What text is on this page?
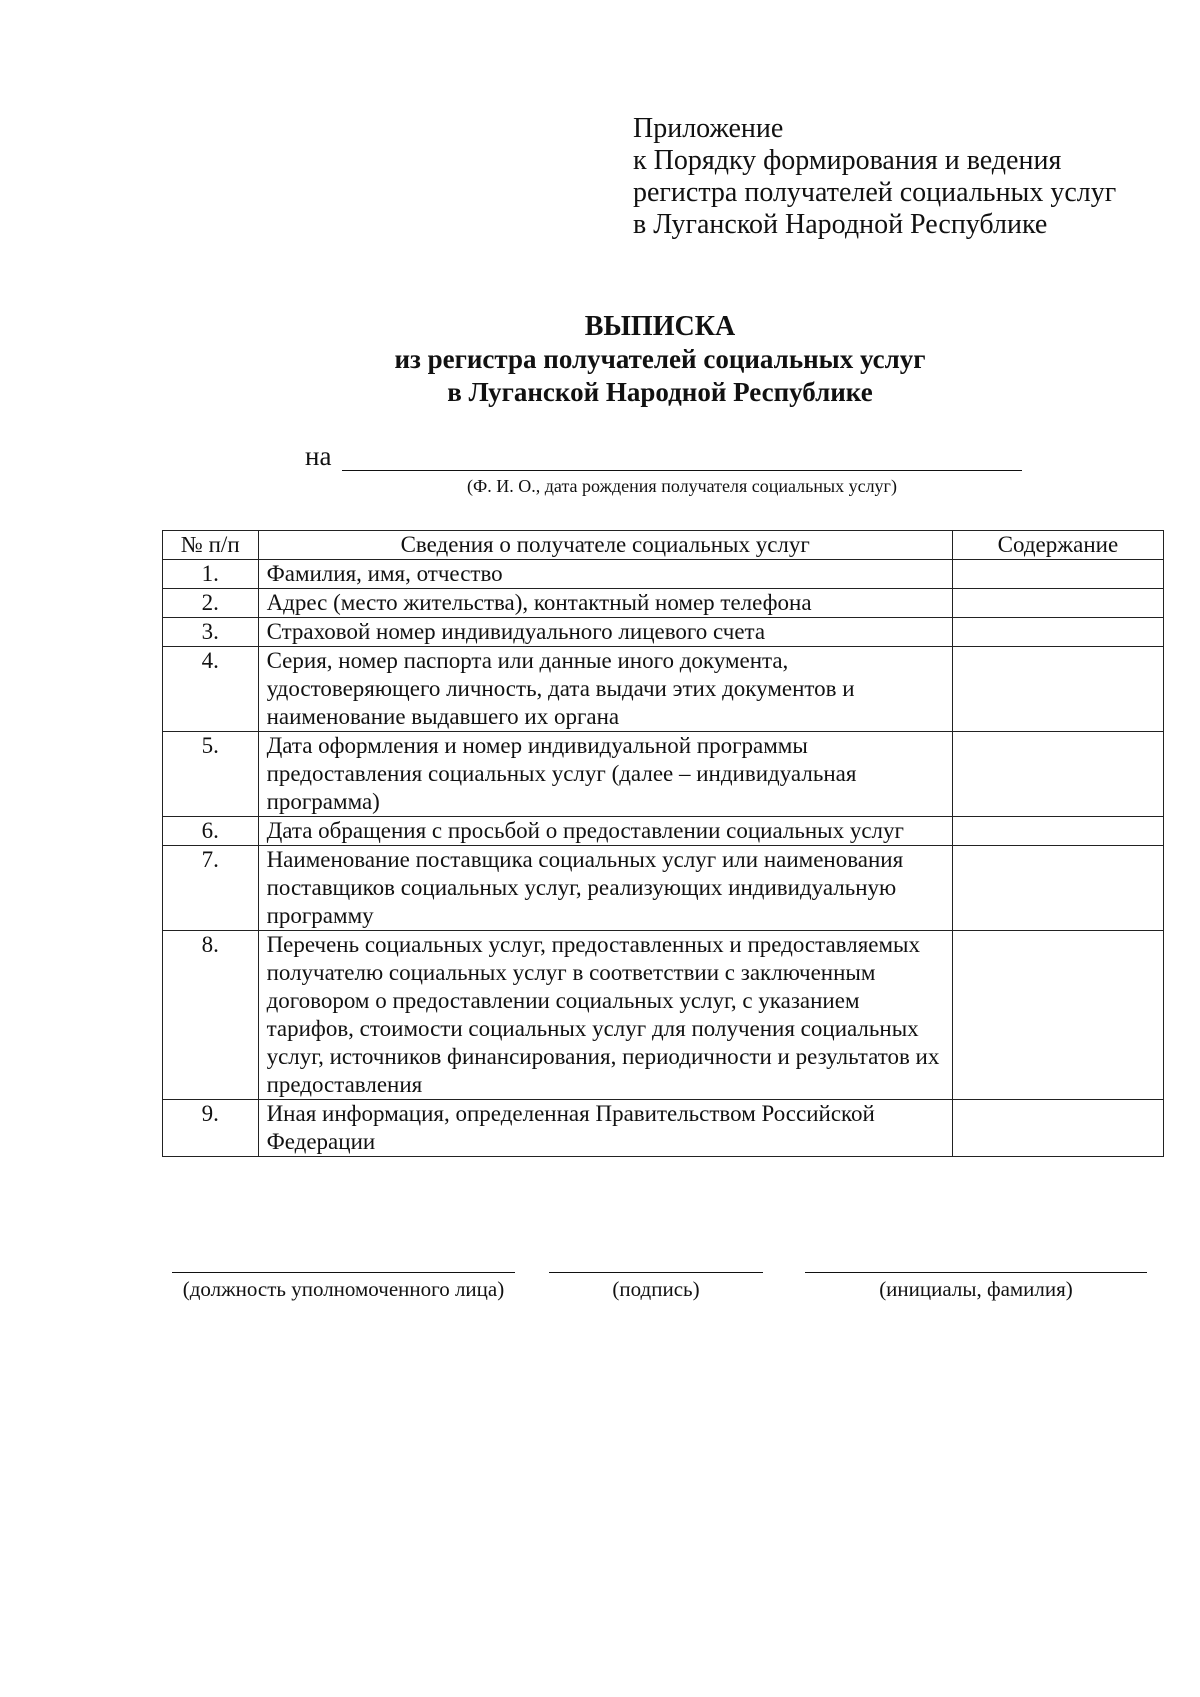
Приложение
к Порядку формирования и ведения
регистра получателей социальных услуг
в Луганской Народной Республике
ВЫПИСКА
из регистра получателей социальных услуг
в Луганской Народной Республике
на
(Ф. И. О., дата рождения получателя социальных услуг)
№ п/п	Сведения о получателе социальных услуг	Содержание
1.	Фамилия, имя, отчество	
2.	Адрес (место жительства), контактный номер телефона	
3.	Страховой номер индивидуального лицевого счета	
4.	Серия, номер паспорта или данные иного документа, удостоверяющего личность, дата выдачи этих документов и наименование выдавшего их органа	
5.	Дата оформления и номер индивидуальной программы предоставления социальных услуг (далее – индивидуальная программа)	
6.	Дата обращения с просьбой о предоставлении социальных услуг	
7.	Наименование поставщика социальных услуг или наименования поставщиков социальных услуг, реализующих индивидуальную программу	
8.	Перечень социальных услуг, предоставленных и предоставляемых получателю социальных услуг в соответствии с заключенным договором о предоставлении социальных услуг, с указанием тарифов, стоимости социальных услуг для получения социальных услуг, источников финансирования, периодичности и результатов их предоставления	
9.	Иная информация, определенная Правительством Российской Федерации	
(должность уполномоченного лица)	(подпись)	(инициалы, фамилия)
